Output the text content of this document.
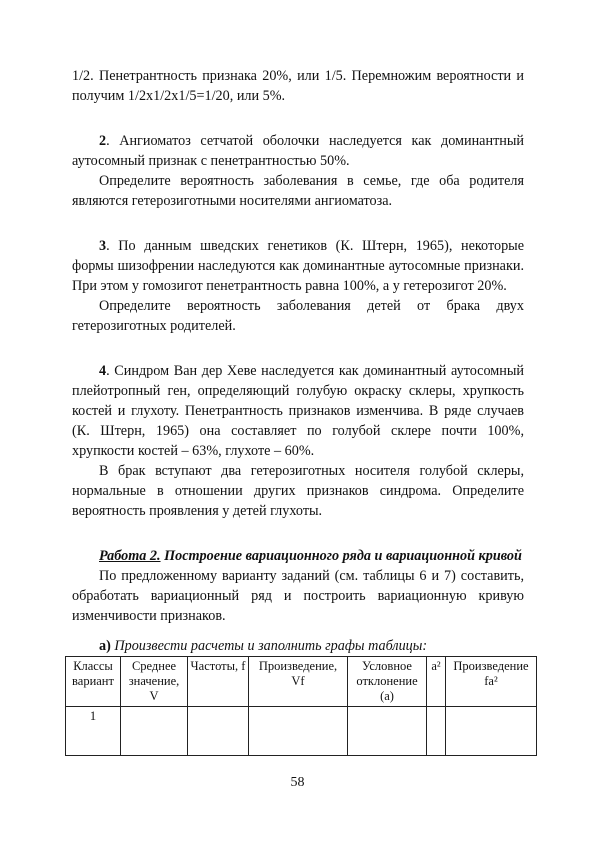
1/2. Пенетрантность признака 20%, или 1/5. Перемножим вероятности и получим 1/2х1/2х1/5=1/20, или 5%.

2. Ангиоматоз сетчатой оболочки наследуется как доминантный аутосомный признак с пенетрантностью 50%.

Определите вероятность заболевания в семье, где оба родителя являются гетерозиготными носителями ангиоматоза.

3. По данным шведских генетиков (К. Штерн, 1965), некоторые формы шизофрении наследуются как доминантные аутосомные признаки. При этом у гомозигот пенетрантность равна 100%, а у гетерозигот 20%.

Определите вероятность заболевания детей от брака двух гетерозиготных родителей.

4. Синдром Ван дер Хеве наследуется как доминантный аутосомный плейотропный ген, определяющий голубую окраску склеры, хрупкость костей и глухоту. Пенетрантность признаков изменчива. В ряде случаев (К. Штерн, 1965) она составляет по голубой склере почти 100%, хрупкости костей – 63%, глухоте – 60%.

В брак вступают два гетерозиготных носителя голубой склеры, нормальные в отношении других признаков синдрома. Определите вероятность проявления у детей глухоты.

Работа 2. Построение вариационного ряда и вариационной кривой

По предложенному варианту заданий (см. таблицы 6 и 7) составить, обработать вариационный ряд и построить вариационную кривую изменчивости признаков.

а) Произвести расчеты и заполнить графы таблицы:

Классы вариант	Среднее значение, V	Частоты, f	Произведение, Vf	Условное отклонение (а)	a²	Произведение fa²
1						
58
